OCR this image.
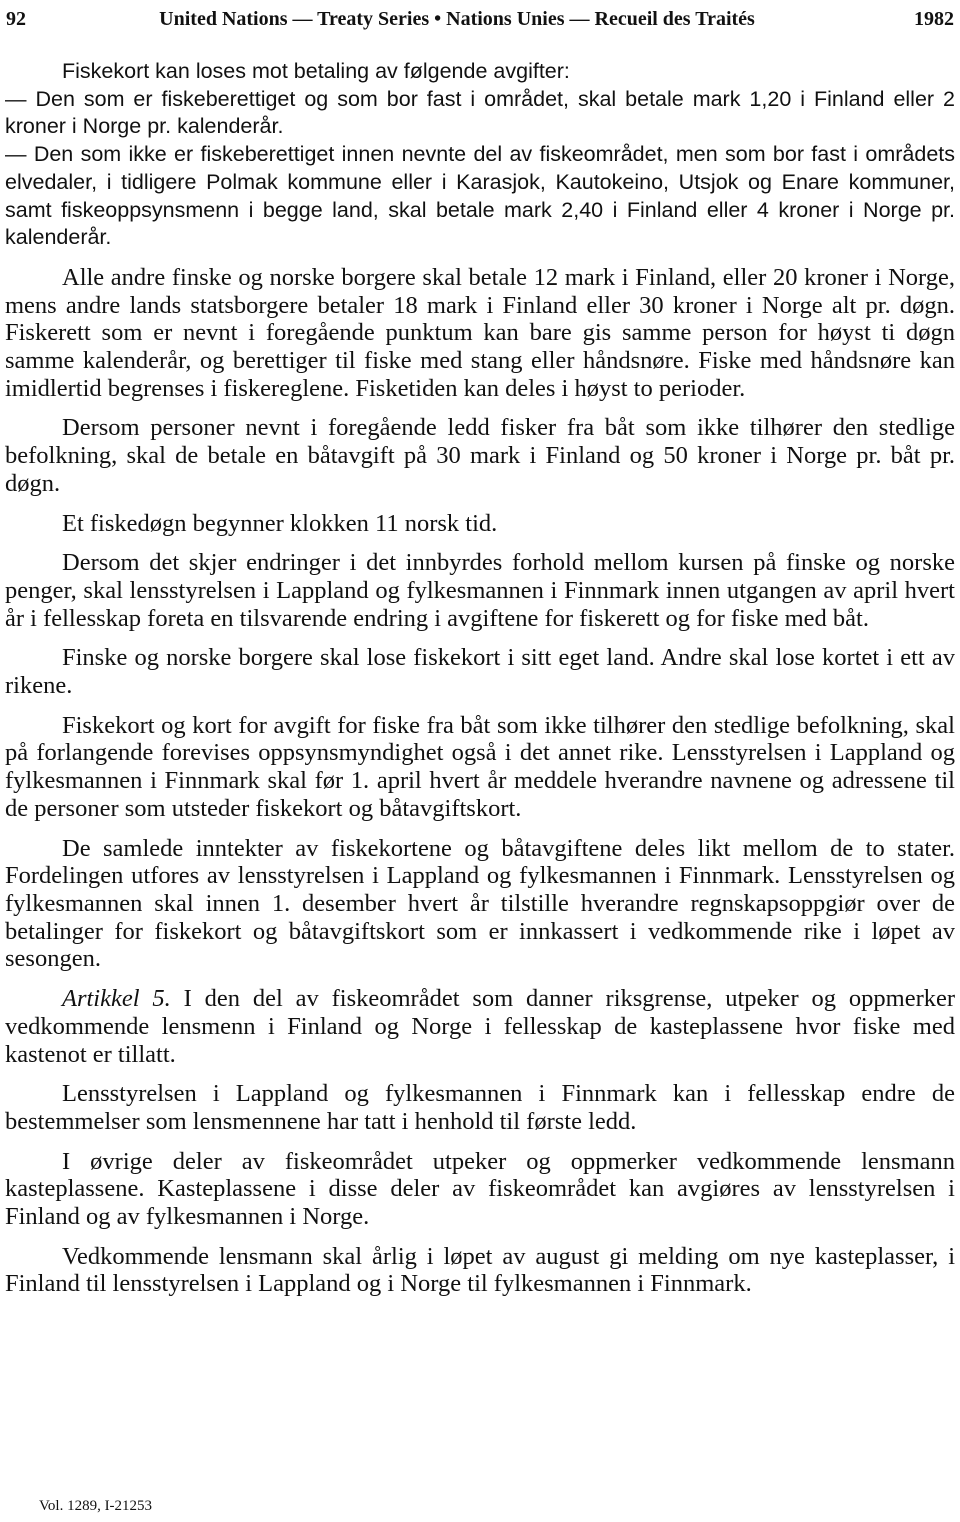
92	United Nations — Treaty Series • Nations Unies — Recueil des Traités	1982

Fiskekort kan loses mot betaling av følgende avgifter:

— Den som er fiskeberettiget og som bor fast i området, skal betale mark 1,20 i Finland eller 2 kroner i Norge pr. kalenderår.

— Den som ikke er fiskeberettiget innen nevnte del av fiskeområdet, men som bor fast i områdets elvedaler, i tidligere Polmak kommune eller i Karasjok, Kautokeino, Utsjok og Enare kommuner, samt fiskeoppsynsmenn i begge land, skal betale mark 2,40 i Finland eller 4 kroner i Norge pr. kalenderår.

Alle andre finske og norske borgere skal betale 12 mark i Finland, eller 20 kroner i Norge, mens andre lands statsborgere betaler 18 mark i Finland eller 30 kroner i Norge alt pr. døgn. Fiskerett som er nevnt i foregående punktum kan bare gis samme person for høyst ti døgn samme kalenderår, og berettiger til fiske med stang eller håndsnøre. Fiske med håndsnøre kan imidlertid begrenses i fiskereglene. Fisketiden kan deles i høyst to perioder.

Dersom personer nevnt i foregående ledd fisker fra båt som ikke tilhører den stedlige befolkning, skal de betale en båtavgift på 30 mark i Finland og 50 kroner i Norge pr. båt pr. døgn.

Et fiskedøgn begynner klokken 11 norsk tid.

Dersom det skjer endringer i det innbyrdes forhold mellom kursen på finske og norske penger, skal lensstyrelsen i Lappland og fylkesmannen i Finnmark innen utgangen av april hvert år i fellesskap foreta en tilsvarende endring i avgiftene for fiskerett og for fiske med båt.

Finske og norske borgere skal lose fiskekort i sitt eget land. Andre skal lose kortet i ett av rikene.

Fiskekort og kort for avgift for fiske fra båt som ikke tilhører den stedlige befolkning, skal på forlangende forevises oppsynsmyndighet også i det annet rike. Lensstyrelsen i Lappland og fylkesmannen i Finnmark skal før 1. april hvert år meddele hverandre navnene og adressene til de personer som utsteder fiskekort og båtavgiftskort.

De samlede inntekter av fiskekortene og båtavgiftene deles likt mellom de to stater. Fordelingen utfores av lensstyrelsen i Lappland og fylkesmannen i Finnmark. Lensstyrelsen og fylkesmannen skal innen 1. desember hvert år tilstille hverandre regnskapsoppgiør over de betalinger for fiskekort og båtavgiftskort som er innkassert i vedkommende rike i løpet av sesongen.

Artikkel 5. I den del av fiskeområdet som danner riksgrense, utpeker og oppmerker vedkommende lensmenn i Finland og Norge i fellesskap de kasteplassene hvor fiske med kastenot er tillatt.

Lensstyrelsen i Lappland og fylkesmannen i Finnmark kan i fellesskap endre de bestemmelser som lensmennene har tatt i henhold til første ledd.

I øvrige deler av fiskeområdet utpeker og oppmerker vedkommende lensmann kasteplassene. Kasteplassene i disse deler av fiskeområdet kan avgiøres av lensstyrelsen i Finland og av fylkesmannen i Norge.

Vedkommende lensmann skal årlig i løpet av august gi melding om nye kasteplasser, i Finland til lensstyrelsen i Lappland og i Norge til fylkesmannen i Finnmark.

Vol. 1289, I-21253
